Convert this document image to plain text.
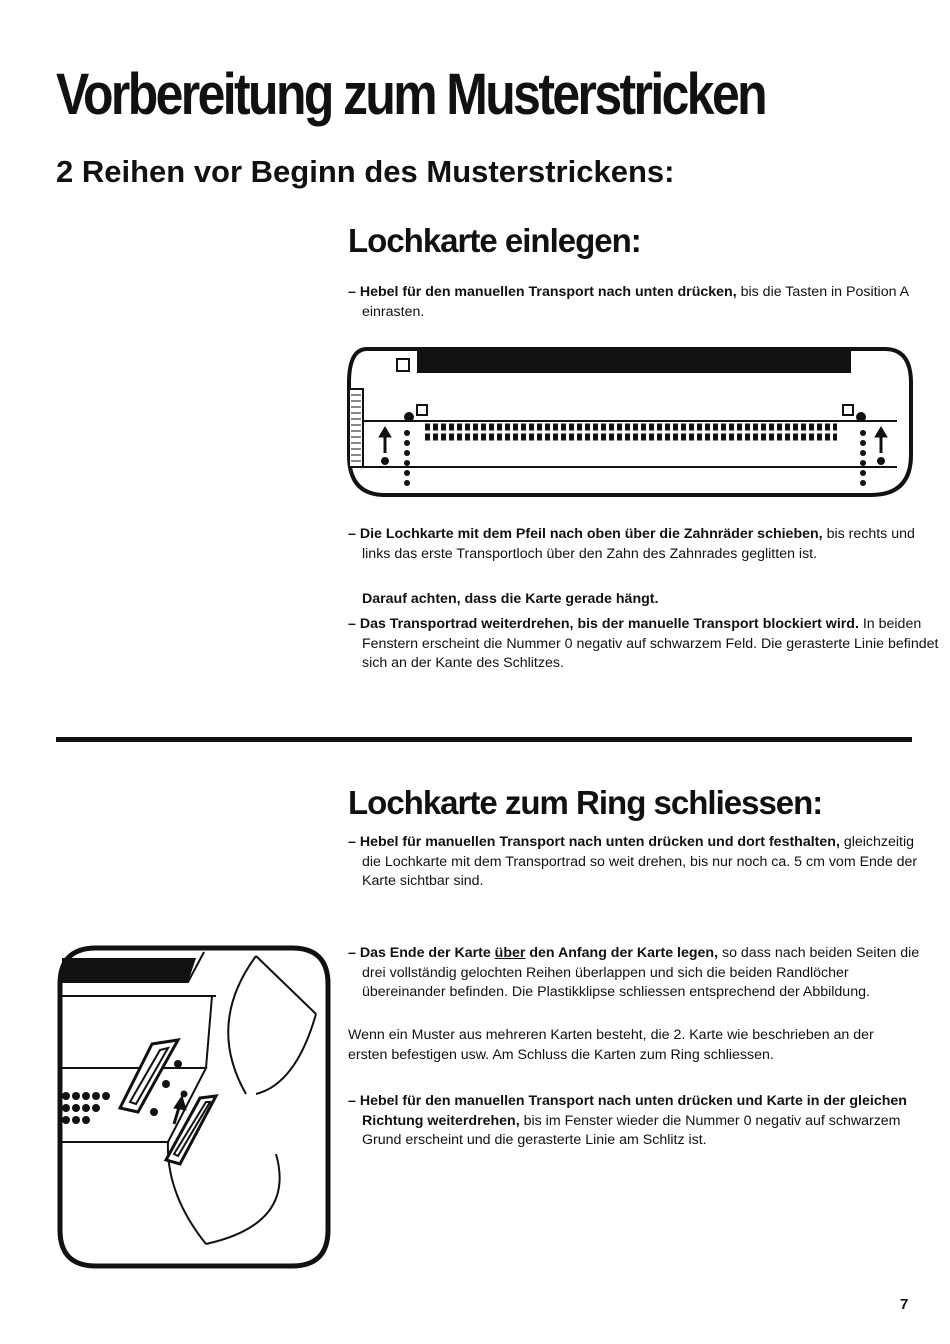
Vorbereitung zum Musterstricken
2 Reihen vor Beginn des Musterstrickens:
Lochkarte einlegen:

– Hebel für den manuellen Transport nach unten drücken, bis die Tasten in Position A einrasten.

– Die Lochkarte mit dem Pfeil nach oben über die Zahnräder schieben, bis rechts und links das erste Transportloch über den Zahn des Zahnrades geglitten ist.

Darauf achten, dass die Karte gerade hängt.

– Das Transportrad weiterdrehen, bis der manuelle Transport blockiert wird. In beiden Fenstern erscheint die Nummer 0 negativ auf schwarzem Feld. Die gerasterte Linie befindet sich an der Kante des Schlitzes.

Lochkarte zum Ring schliessen:

– Hebel für manuellen Transport nach unten drücken und dort festhalten, gleichzeitig die Lochkarte mit dem Transportrad so weit drehen, bis nur noch ca. 5 cm vom Ende der Karte sichtbar sind.

– Das Ende der Karte über den Anfang der Karte legen, so dass nach beiden Seiten die drei vollständig gelochten Reihen überlappen und sich die beiden Randlöcher übereinander befinden. Die Plastikklipse schliessen entsprechend der Abbildung.

Wenn ein Muster aus mehreren Karten besteht, die 2. Karte wie beschrieben an der ersten befestigen usw. Am Schluss die Karten zum Ring schliessen.

– Hebel für den manuellen Transport nach unten drücken und Karte in der gleichen Richtung weiterdrehen, bis im Fenster wieder die Nummer 0 negativ auf schwarzem Grund erscheint und die gerasterte Linie am Schlitz ist.

7
